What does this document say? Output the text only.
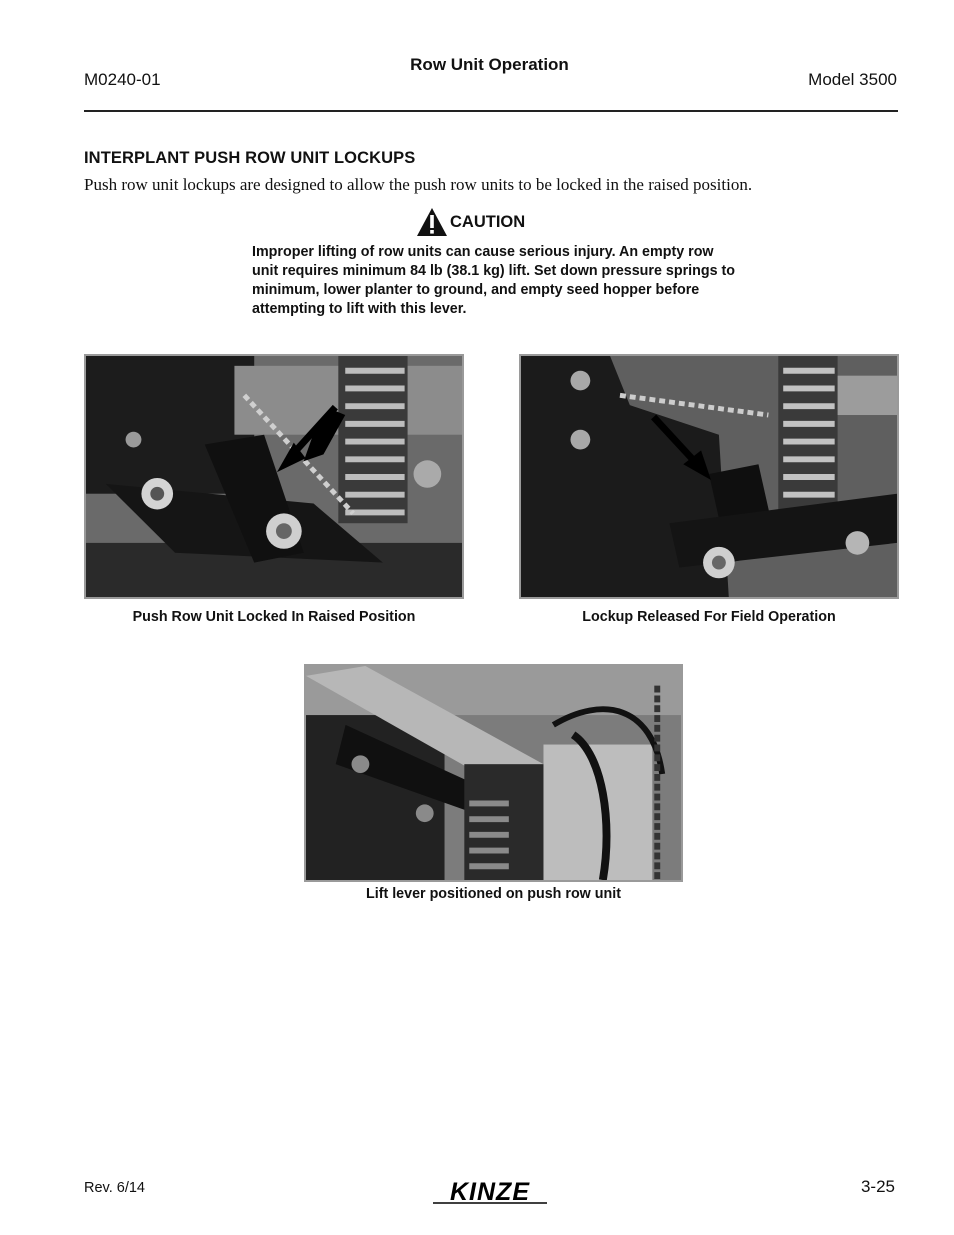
M0240-01
Row Unit Operation
Model 3500
INTERPLANT PUSH ROW UNIT LOCKUPS
Push row unit lockups are designed to allow the push row units to be locked in the raised position.
CAUTION
Improper lifting of row units can cause serious injury. An empty row unit requires minimum 84 lb (38.1 kg) lift. Set down pressure springs to minimum, lower planter to ground, and empty seed hopper before attempting to lift with this lever.
Push Row Unit Locked In Raised Position	Lockup Released For Field Operation
Lift lever positioned on push row unit
Rev. 6/14	KINZE	3-25
